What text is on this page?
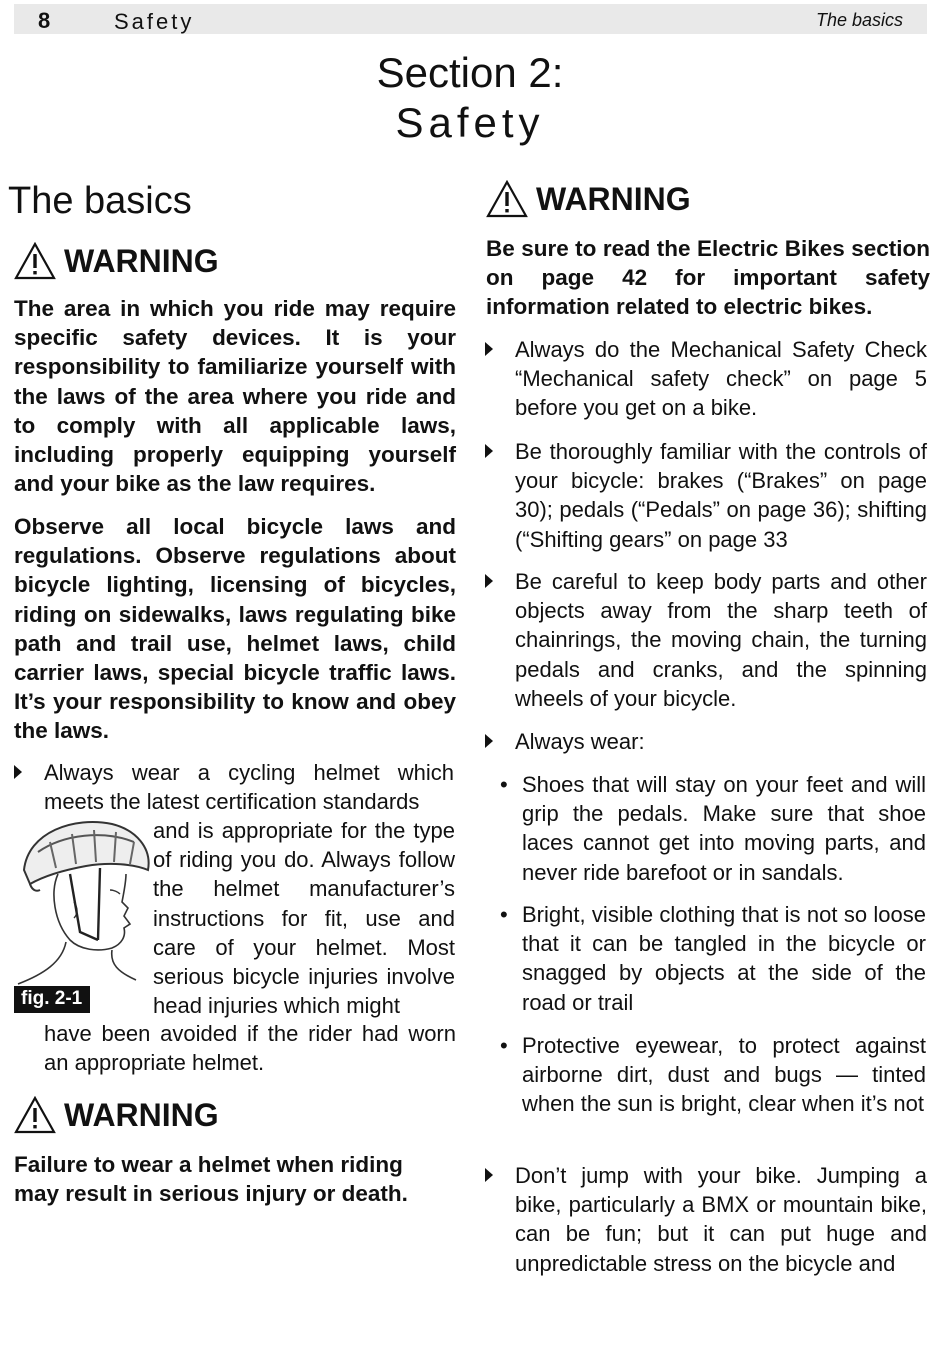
8	Safety	The basics
Section 2:
Safety
The basics
WARNING
The area in which you ride may require specific safety devices. It is your responsibility to familiarize yourself with the laws of the area where you ride and to comply with all applicable laws, including properly equipping yourself and your bike as the law requires.
Observe all local bicycle laws and regulations. Observe regulations about bicycle lighting, licensing of bicycles, riding on sidewalks, laws regulating bike path and trail use, helmet laws, child carrier laws, special bicycle traffic laws. It’s your responsibility to know and obey the laws.
Always wear a cycling helmet which meets the latest certification standards
and is appropriate for the type of riding you do. Always follow the helmet manufacturer’s instructions for fit, use and care of your helmet. Most serious bicycle injuries involve head injuries which might
fig. 2-1
have been avoided if the rider had worn an appropriate helmet.
WARNING
Failure to wear a helmet when riding may result in serious injury or death.
WARNING
Be sure to read the Electric Bikes section on page 42 for important safety information related to electric bikes.
Always do the Mechanical Safety Check “Mechanical safety check” on page 5 before you get on a bike.
Be thoroughly familiar with the controls of your bicycle: brakes (“Brakes” on page 30); pedals (“Pedals” on page 36); shifting (“Shifting gears” on page 33
Be careful to keep body parts and other objects away from the sharp teeth of chainrings, the moving chain, the turning pedals and cranks, and the spinning wheels of your bicycle.
Always wear:
• Shoes that will stay on your feet and will grip the pedals. Make sure that shoe laces cannot get into moving parts, and never ride barefoot or in sandals.
• Bright, visible clothing that is not so loose that it can be tangled in the bicycle or snagged by objects at the side of the road or trail
• Protective eyewear, to protect against airborne dirt, dust and bugs — tinted when the sun is bright, clear when it’s not
Don’t jump with your bike. Jumping a bike, particularly a BMX or mountain bike, can be fun; but it can put huge and unpredictable stress on the bicycle and
